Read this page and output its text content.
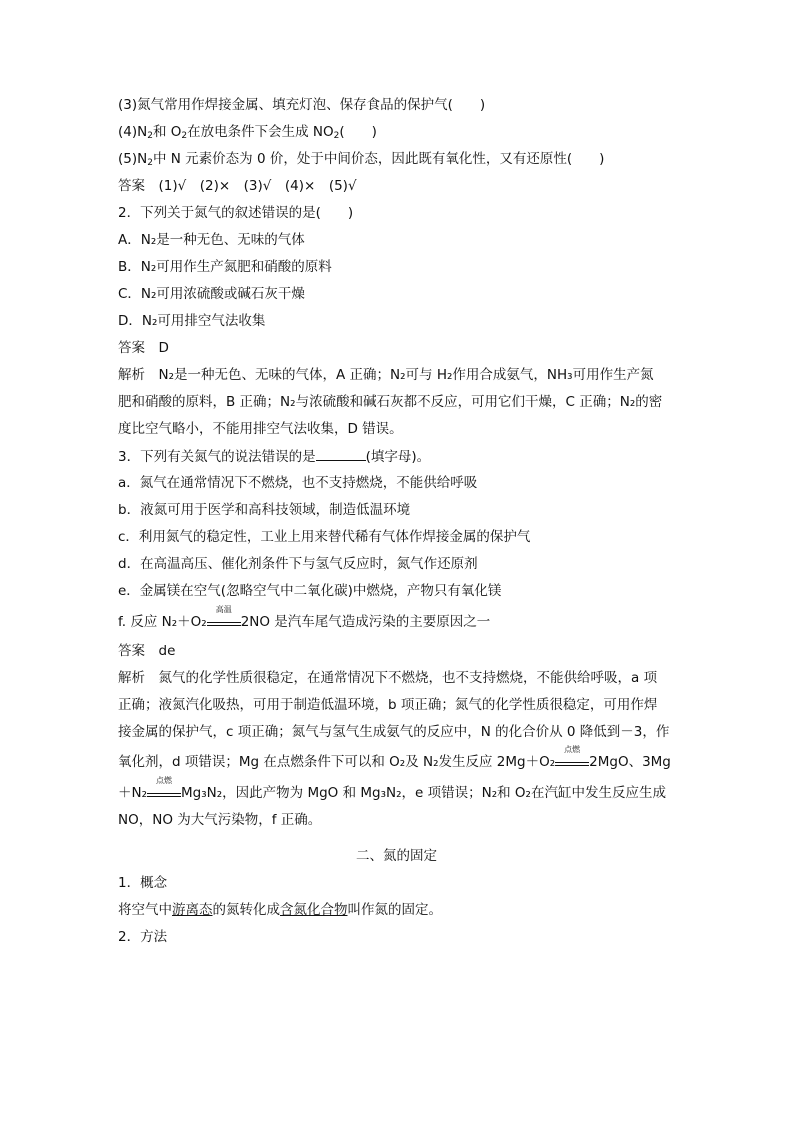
(3)氮气常用作焊接金属、填充灯泡、保存食品的保护气(　　)
$(4)N_2$和 $O_2$在放电条件下会生成 $NO_2$(　　)
$(5)N_2$中 N 元素价态为 0 价，处于中间价态，因此既有氧化性，又有还原性(　　)
答案　(1)√　(2)×　(3)√　(4)×　(5)√
2．下列关于氮气的叙述错误的是(　　)
A．N₂是一种无色、无味的气体
B．N₂可用作生产氮肥和硝酸的原料
C．N₂可用浓硫酸或碱石灰干燥
D．N₂可用排空气法收集
答案　D
解析　N₂是一种无色、无味的气体，A 正确；N₂可与 H₂作用合成氨气，NH₃可用作生产氮
肥和硝酸的原料，B 正确；N₂与浓硫酸和碱石灰都不反应，可用它们干燥，C 正确；N₂的密
度比空气略小，不能用排空气法收集，D 错误。
3．下列有关氮气的说法错误的是	(填字母)。
a．氮气在通常情况下不燃烧，也不支持燃烧，不能供给呼吸
b．液氮可用于医学和高科技领域，制造低温环境
c．利用氮气的稳定性，工业上用来替代稀有气体作焊接金属的保护气
d．在高温高压、催化剂条件下与氢气反应时，氮气作还原剂
e．金属镁在空气(忽略空气中二氧化碳)中燃烧，产物只有氧化镁
f. 反应 N₂＋O₂
高温
2NO 是汽车尾气造成污染的主要原因之一
答案　de
解析　氮气的化学性质很稳定，在通常情况下不燃烧，也不支持燃烧，不能供给呼吸，a 项
正确；液氮汽化吸热，可用于制造低温环境，b 项正确；氮气的化学性质很稳定，可用作焊
接金属的保护气，c 项正确；氮气与氢气生成氨气的反应中，N 的化合价从 0 降低到－3，作
氧化剂，d 项错误；Mg 在点燃条件下可以和 O₂及 N₂发生反应 2Mg＋O₂
点燃
2MgO、3Mg
＋N₂
点燃
Mg₃N₂，因此产物为 MgO 和 Mg₃N₂，e 项错误；N₂和 O₂在汽缸中发生反应生成
NO，NO 为大气污染物，f 正确。
二、氮的固定
1．概念
将空气中游离态的氮转化成含氮化合物叫作氮的固定。
2．方法
